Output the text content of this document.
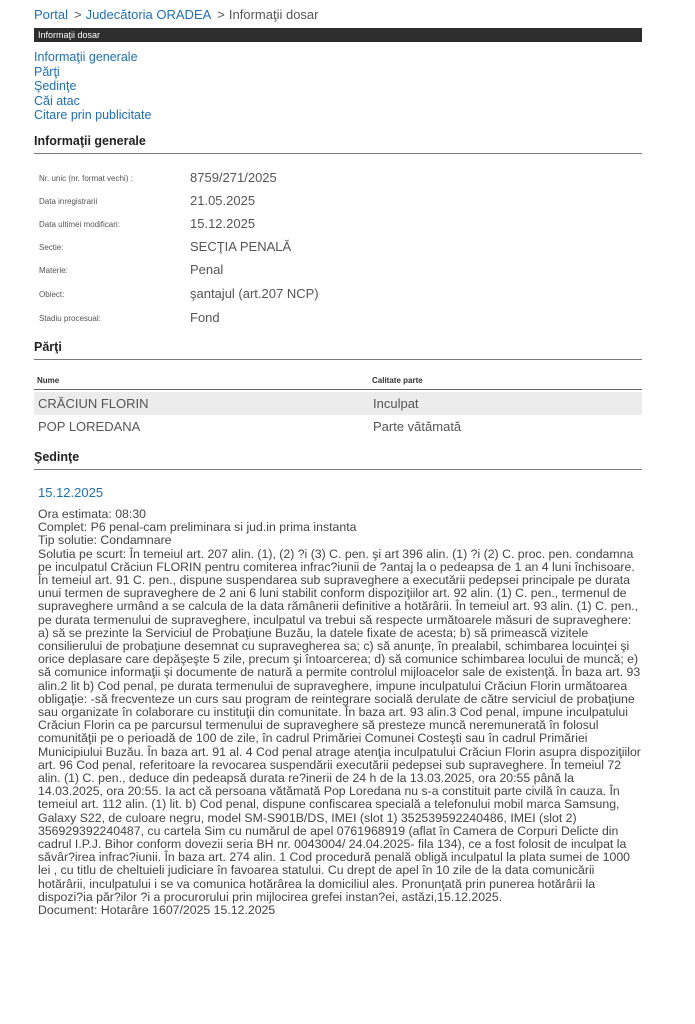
Portal > Judecătoria ORADEA > Informaţii dosar
Informaţii dosar
Informaţii generale
Părţi
Şedinţe
Căi atac
Citare prin publicitate
Informaţii generale
Nr. unic (nr. format vechi) :	8759/271/2025
Data inregistrarii	21.05.2025
Data ultimei modificari:	15.12.2025
Sectie:	SECŢIA PENALĂ
Materie:	Penal
Obiect:	şantajul (art.207 NCP)
Stadiu procesual:	Fond
Părţi
Nume	Calitate parte
CRĂCIUN FLORIN	Inculpat
POP LOREDANA	Parte vătămată
Şedinţe
15.12.2025
Ora estimata: 08:30
Complet: P6 penal-cam preliminara si jud.in prima instanta
Tip solutie: Condamnare
Solutia pe scurt: În temeiul art. 207 alin. (1), (2) ?i (3) C. pen. şi art 396 alin. (1) ?i (2) C. proc. pen. condamna pe inculpatul Crăciun FLORIN pentru comiterea infrac?iunii de ?antaj la o pedeapsa de 1 an 4 luni închisoare. În temeiul art. 91 C. pen., dispune suspendarea sub supraveghere a executării pedepsei principale pe durata unui termen de supraveghere de 2 ani 6 luni stabilit conform dispoziţiilor art. 92 alin. (1) C. pen., termenul de supraveghere urmând a se calcula de la data rămânerii definitive a hotărârii. În temeiul art. 93 alin. (1) C. pen., pe durata termenului de supraveghere, inculpatul va trebui să respecte următoarele măsuri de supraveghere: a) să se prezinte la Serviciul de Probaţiune Buzău, la datele fixate de acesta; b) să primească vizitele consilierului de probaţiune desemnat cu supravegherea sa; c) să anunţe, în prealabil, schimbarea locuinţei şi orice deplasare care depăşeşte 5 zile, precum şi întoarcerea; d) să comunice schimbarea locului de muncă; e) să comunice informaţii şi documente de natură a permite controlul mijloacelor sale de existenţă. În baza art. 93 alin.2 lit b) Cod penal, pe durata termenului de supraveghere, impune inculpatului Crăciun Florin următoarea obligaţie: -să frecventeze un curs sau program de reintegrare socială derulate de către serviciul de probaţiune sau organizate în colaborare cu instituţii din comunitate. În baza art. 93 alin.3 Cod penal, impune inculpatului Crăciun Florin ca pe parcursul termenului de supraveghere să presteze muncă neremunerată în folosul comunităţii pe o perioadă de 100 de zile, în cadrul Primăriei Comunei Costeşti sau în cadrul Primăriei Municipiului Buzău. În baza art. 91 al. 4 Cod penal atrage atenţia inculpatului Crăciun Florin asupra dispoziţiilor art. 96 Cod penal, referitoare la revocarea suspendării executării pedepsei sub supraveghere. În temeiul 72 alin. (1) C. pen., deduce din pedeapsă durata re?inerii de 24 h de la 13.03.2025, ora 20:55 până la 14.03.2025, ora 20:55. Ia act că persoana vătămată Pop Loredana nu s-a constituit parte civilă în cauza. În temeiul art. 112 alin. (1) lit. b) Cod penal, dispune confiscarea specială a telefonului mobil marca Samsung, Galaxy S22, de culoare negru, model SM-S901B/DS, IMEI (slot 1) 352539592240486, IMEI (slot 2) 356929392240487, cu cartela Sim cu numărul de apel 0761968919 (aflat în Camera de Corpuri Delicte din cadrul I.P.J. Bihor conform dovezii seria BH nr. 0043004/ 24.04.2025- fila 134), ce a fost folosit de inculpat la săvâr?irea infrac?iunii. În baza art. 274 alin. 1 Cod procedură penală obligă inculpatul la plata sumei de 1000 lei , cu titlu de cheltuieli judiciare în favoarea statului. Cu drept de apel în 10 zile de la data comunicării hotărârii, inculpatului i se va comunica hotărârea la domiciliul ales. Pronunţată prin punerea hotărârii la dispozi?ia păr?ilor ?i a procurorului prin mijlocirea grefei instan?ei, astăzi,15.12.2025.
Document: Hotarâre 1607/2025 15.12.2025
